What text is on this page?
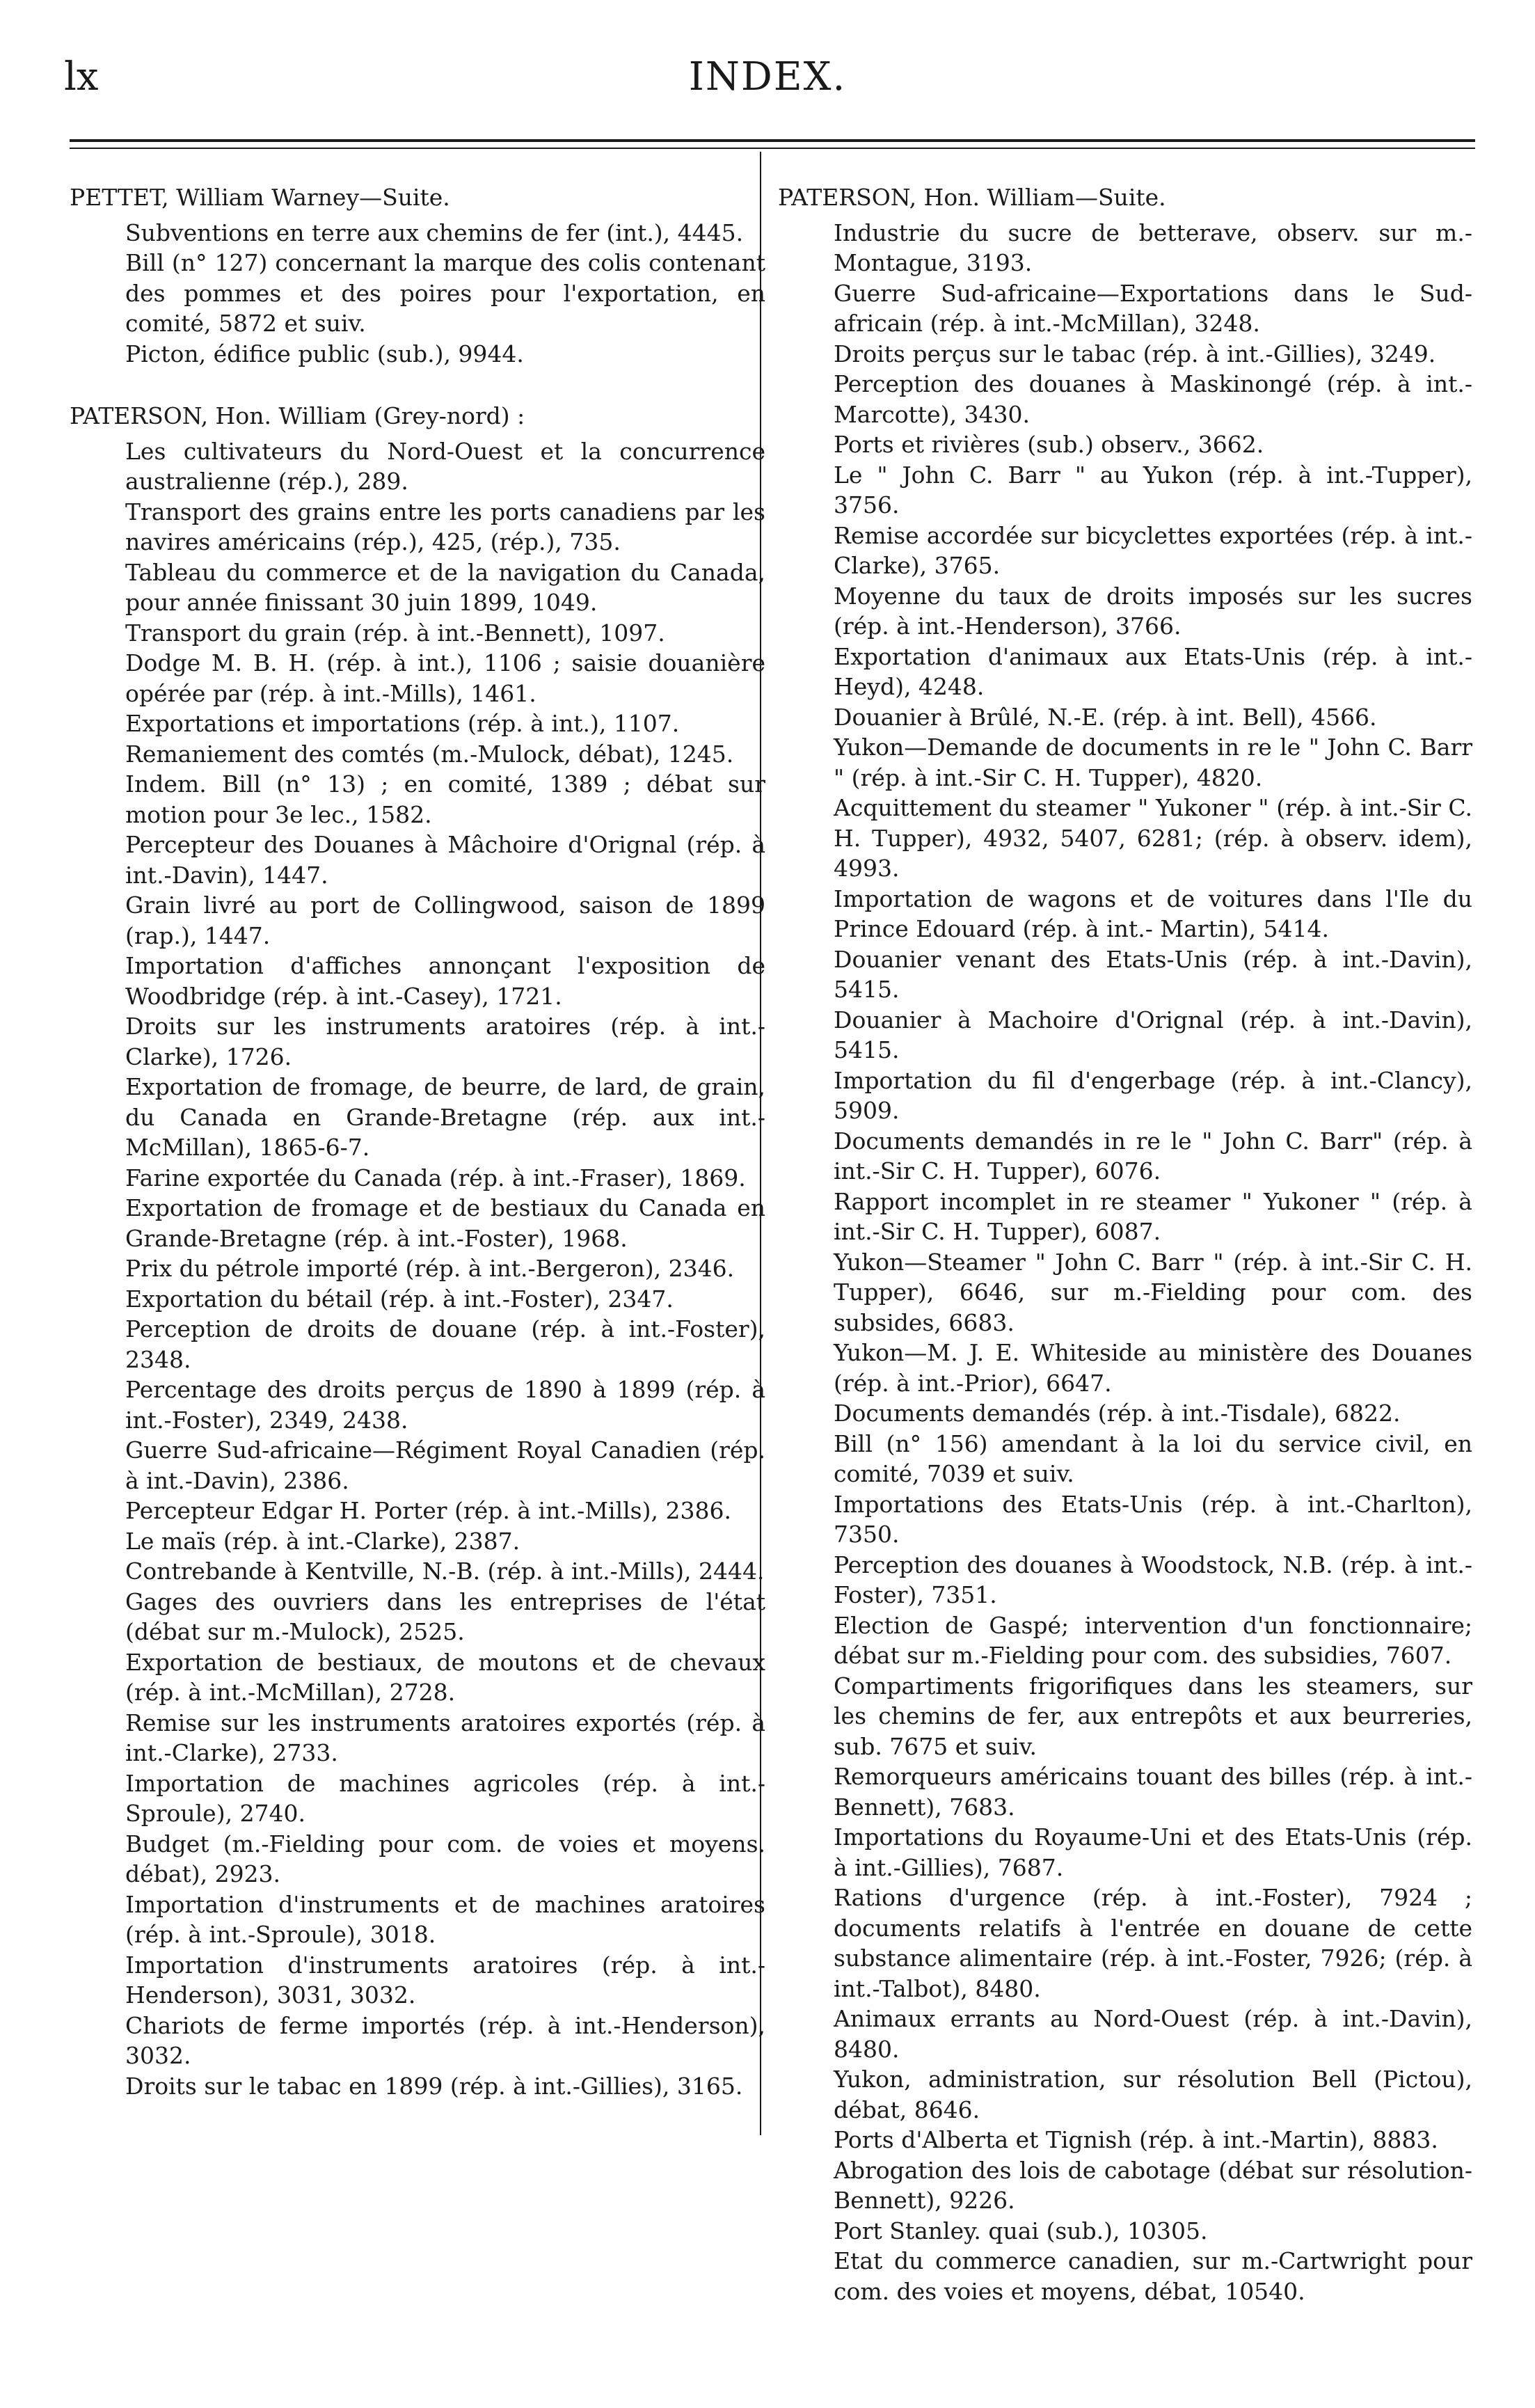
lx	INDEX.

PETTET, William Warney—Suite.

Subventions en terre aux chemins de fer (int.), 4445.

Bill (n° 127) concernant la marque des colis contenant des pommes et des poires pour l'exportation, en comité, 5872 et suiv.

Picton, édifice public (sub.), 9944.

PATERSON, Hon. William (Grey-nord) :

Les cultivateurs du Nord-Ouest et la concurrence australienne (rép.), 289.

Transport des grains entre les ports canadiens par les navires américains (rép.), 425, (rép.), 735.

Tableau du commerce et de la navigation du Canada, pour année finissant 30 juin 1899, 1049.

Transport du grain (rép. à int.-Bennett), 1097.

Dodge M. B. H. (rép. à int.), 1106 ; saisie douanière opérée par (rép. à int.-Mills), 1461.

Exportations et importations (rép. à int.), 1107.

Remaniement des comtés (m.-Mulock, débat), 1245.

Indem. Bill (n° 13) ; en comité, 1389 ; débat sur motion pour 3e lec., 1582.

Percepteur des Douanes à Mâchoire d'Orignal (rép. à int.-Davin), 1447.

Grain livré au port de Collingwood, saison de 1899 (rap.), 1447.

Importation d'affiches annonçant l'exposition de Woodbridge (rép. à int.-Casey), 1721.

Droits sur les instruments aratoires (rép. à int.-Clarke), 1726.

Exportation de fromage, de beurre, de lard, de grain, du Canada en Grande-Bretagne (rép. aux int.-McMillan), 1865-6-7.

Farine exportée du Canada (rép. à int.-Fraser), 1869.

Exportation de fromage et de bestiaux du Canada en Grande-Bretagne (rép. à int.-Foster), 1968.

Prix du pétrole importé (rép. à int.-Bergeron), 2346.

Exportation du bétail (rép. à int.-Foster), 2347.

Perception de droits de douane (rép. à int.-Foster), 2348.

Percentage des droits perçus de 1890 à 1899 (rép. à int.-Foster), 2349, 2438.

Guerre Sud-africaine—Régiment Royal Canadien (rép. à int.-Davin), 2386.

Percepteur Edgar H. Porter (rép. à int.-Mills), 2386.

Le maïs (rép. à int.-Clarke), 2387.

Contrebande à Kentville, N.-B. (rép. à int.-Mills), 2444.

Gages des ouvriers dans les entreprises de l'état (débat sur m.-Mulock), 2525.

Exportation de bestiaux, de moutons et de chevaux (rép. à int.-McMillan), 2728.

Remise sur les instruments aratoires exportés (rép. à int.-Clarke), 2733.

Importation de machines agricoles (rép. à int.-Sproule), 2740.

Budget (m.-Fielding pour com. de voies et moyens. débat), 2923.

Importation d'instruments et de machines aratoires (rép. à int.-Sproule), 3018.

Importation d'instruments aratoires (rép. à int.-Henderson), 3031, 3032.

Chariots de ferme importés (rép. à int.-Henderson), 3032.

Droits sur le tabac en 1899 (rép. à int.-Gillies), 3165.

PATERSON, Hon. William—Suite.

Industrie du sucre de betterave, observ. sur m.-Montague, 3193.

Guerre Sud-africaine—Exportations dans le Sud-africain (rép. à int.-McMillan), 3248.

Droits perçus sur le tabac (rép. à int.-Gillies), 3249.

Perception des douanes à Maskinongé (rép. à int.-Marcotte), 3430.

Ports et rivières (sub.) observ., 3662.

Le " John C. Barr " au Yukon (rép. à int.-Tupper), 3756.

Remise accordée sur bicyclettes exportées (rép. à int.-Clarke), 3765.

Moyenne du taux de droits imposés sur les sucres (rép. à int.-Henderson), 3766.

Exportation d'animaux aux Etats-Unis (rép. à int.-Heyd), 4248.

Douanier à Brûlé, N.-E. (rép. à int. Bell), 4566.

Yukon—Demande de documents in re le " John C. Barr " (rép. à int.-Sir C. H. Tupper), 4820.

Acquittement du steamer " Yukoner " (rép. à int.-Sir C. H. Tupper), 4932, 5407, 6281; (rép. à observ. idem), 4993.

Importation de wagons et de voitures dans l'Ile du Prince Edouard (rép. à int.- Martin), 5414.

Douanier venant des Etats-Unis (rép. à int.-Davin), 5415.

Douanier à Machoire d'Orignal (rép. à int.-Davin), 5415.

Importation du fil d'engerbage (rép. à int.-Clancy), 5909.

Documents demandés in re le " John C. Barr" (rép. à int.-Sir C. H. Tupper), 6076.

Rapport incomplet in re steamer " Yukoner " (rép. à int.-Sir C. H. Tupper), 6087.

Yukon—Steamer " John C. Barr " (rép. à int.-Sir C. H. Tupper), 6646, sur m.-Fielding pour com. des subsides, 6683.

Yukon—M. J. E. Whiteside au ministère des Douanes (rép. à int.-Prior), 6647.

Documents demandés (rép. à int.-Tisdale), 6822.

Bill (n° 156) amendant à la loi du service civil, en comité, 7039 et suiv.

Importations des Etats-Unis (rép. à int.-Charlton), 7350.

Perception des douanes à Woodstock, N.B. (rép. à int.-Foster), 7351.

Election de Gaspé; intervention d'un fonctionnaire; débat sur m.-Fielding pour com. des subsidies, 7607.

Compartiments frigorifiques dans les steamers, sur les chemins de fer, aux entrepôts et aux beurreries, sub. 7675 et suiv.

Remorqueurs américains touant des billes (rép. à int.-Bennett), 7683.

Importations du Royaume-Uni et des Etats-Unis (rép. à int.-Gillies), 7687.

Rations d'urgence (rép. à int.-Foster), 7924 ; documents relatifs à l'entrée en douane de cette substance alimentaire (rép. à int.-Foster, 7926; (rép. à int.-Talbot), 8480.

Animaux errants au Nord-Ouest (rép. à int.-Davin), 8480.

Yukon, administration, sur résolution Bell (Pictou), débat, 8646.

Ports d'Alberta et Tignish (rép. à int.-Martin), 8883.

Abrogation des lois de cabotage (débat sur résolution-Bennett), 9226.

Port Stanley. quai (sub.), 10305.

Etat du commerce canadien, sur m.-Cartwright pour com. des voies et moyens, débat, 10540.
